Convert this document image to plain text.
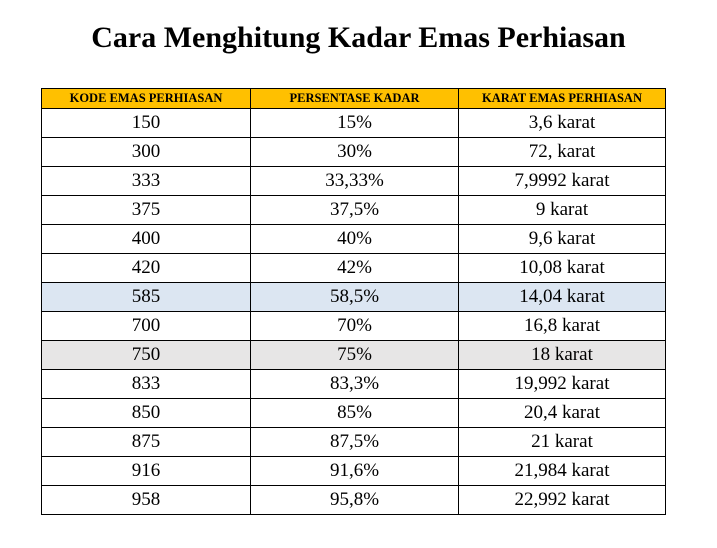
Cara Menghitung Kadar Emas Perhiasan
KODE EMAS PERHIASAN	PERSENTASE KADAR	KARAT EMAS PERHIASAN
150	15%	3,6 karat
300	30%	72, karat
333	33,33%	7,9992 karat
375	37,5%	9 karat
400	40%	9,6 karat
420	42%	10,08 karat
585	58,5%	14,04 karat
700	70%	16,8 karat
750	75%	18 karat
833	83,3%	19,992 karat
850	85%	20,4 karat
875	87,5%	21 karat
916	91,6%	21,984 karat
958	95,8%	22,992 karat
